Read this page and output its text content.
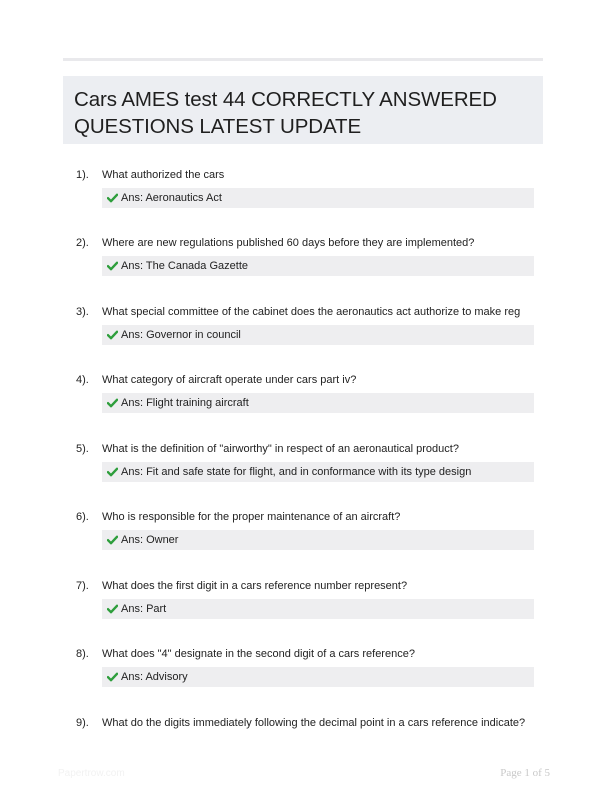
Cars AMES test 44 CORRECTLY ANSWERED QUESTIONS LATEST UPDATE
1). What authorized the cars
Ans: Aeronautics Act
2). Where are new regulations published 60 days before they are implemented?
Ans: The Canada Gazette
3). What special committee of the cabinet does the aeronautics act authorize to make reg
Ans: Governor in council
4). What category of aircraft operate under cars part iv?
Ans: Flight training aircraft
5). What is the definition of "airworthy" in respect of an aeronautical product?
Ans: Fit and safe state for flight, and in conformance with its type design
6). Who is responsible for the proper maintenance of an aircraft?
Ans: Owner
7). What does the first digit in a cars reference number represent?
Ans: Part
8). What does "4" designate in the second digit of a cars reference?
Ans: Advisory
9). What do the digits immediately following the decimal point in a cars reference indicate?
Papertrow.com	Page 1 of 5
